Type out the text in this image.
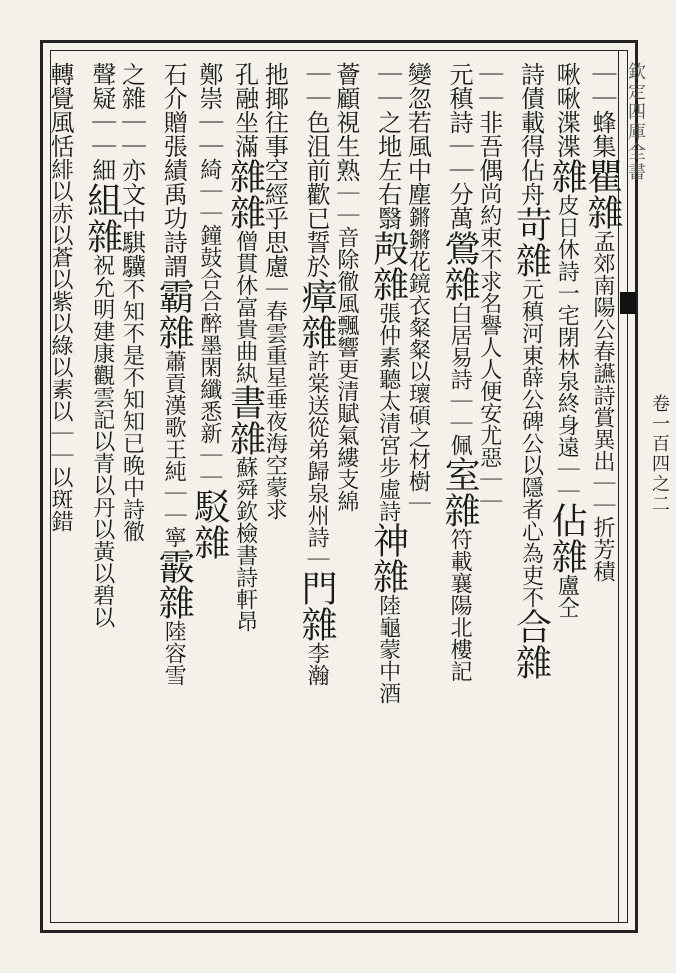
欽定四庫全書
卷一百四之二
｜｜蜂集瞿雜孟郊南陽公春讌詩賞異出｜｜折芳積
啾啾渫渫雜皮日休詩一宅閉林泉終身遠｜｜佔雜盧仝
詩債載得佔舟苛雜元稹河東薛公碑公以隱者心為吏不合雜
｜｜非吾偶尚約束不求名譽人人便安尤惡｜｜
元稹詩｜｜分萬鶯雜白居易詩｜｜佩室雜符載襄陽北樓記
變忽若風中塵鏘鏘花鏡衣粲粲以瓌碩之材樹｜
｜｜之地左右翳殸雜張仲素聽太清宮步虛詩神雜陸龜蒙中酒
薈顧視生熟｜｜音除徹風飄響更清賦氣縷支綿
｜｜色沮前歡已誓於瘴雜許棠送從弟歸泉州詩｜門雜李瀚
扡揶往事空經乎思慮｜春雲重星垂夜海空蒙求
孔融坐滿雜雜僧貫休富貴曲紈書雜蘇舜欽檢書詩軒昂
鄭崇｜｜綺｜｜鐘鼓合合醉墨閑纖悉新｜｜駁雜
石介贈張績禹功詩謂霸雜蕭貢漢歌王純｜｜寧霰雜陸容雪
之雜｜｜亦文中騏驥不知不是不知知已晚中詩徹
聲疑｜｜細組雜祝允明建康觀雲記以青以丹以黃以碧以
轉覺風恬緋以赤以蒼以紫以綠以素以｜｜以斑錯
